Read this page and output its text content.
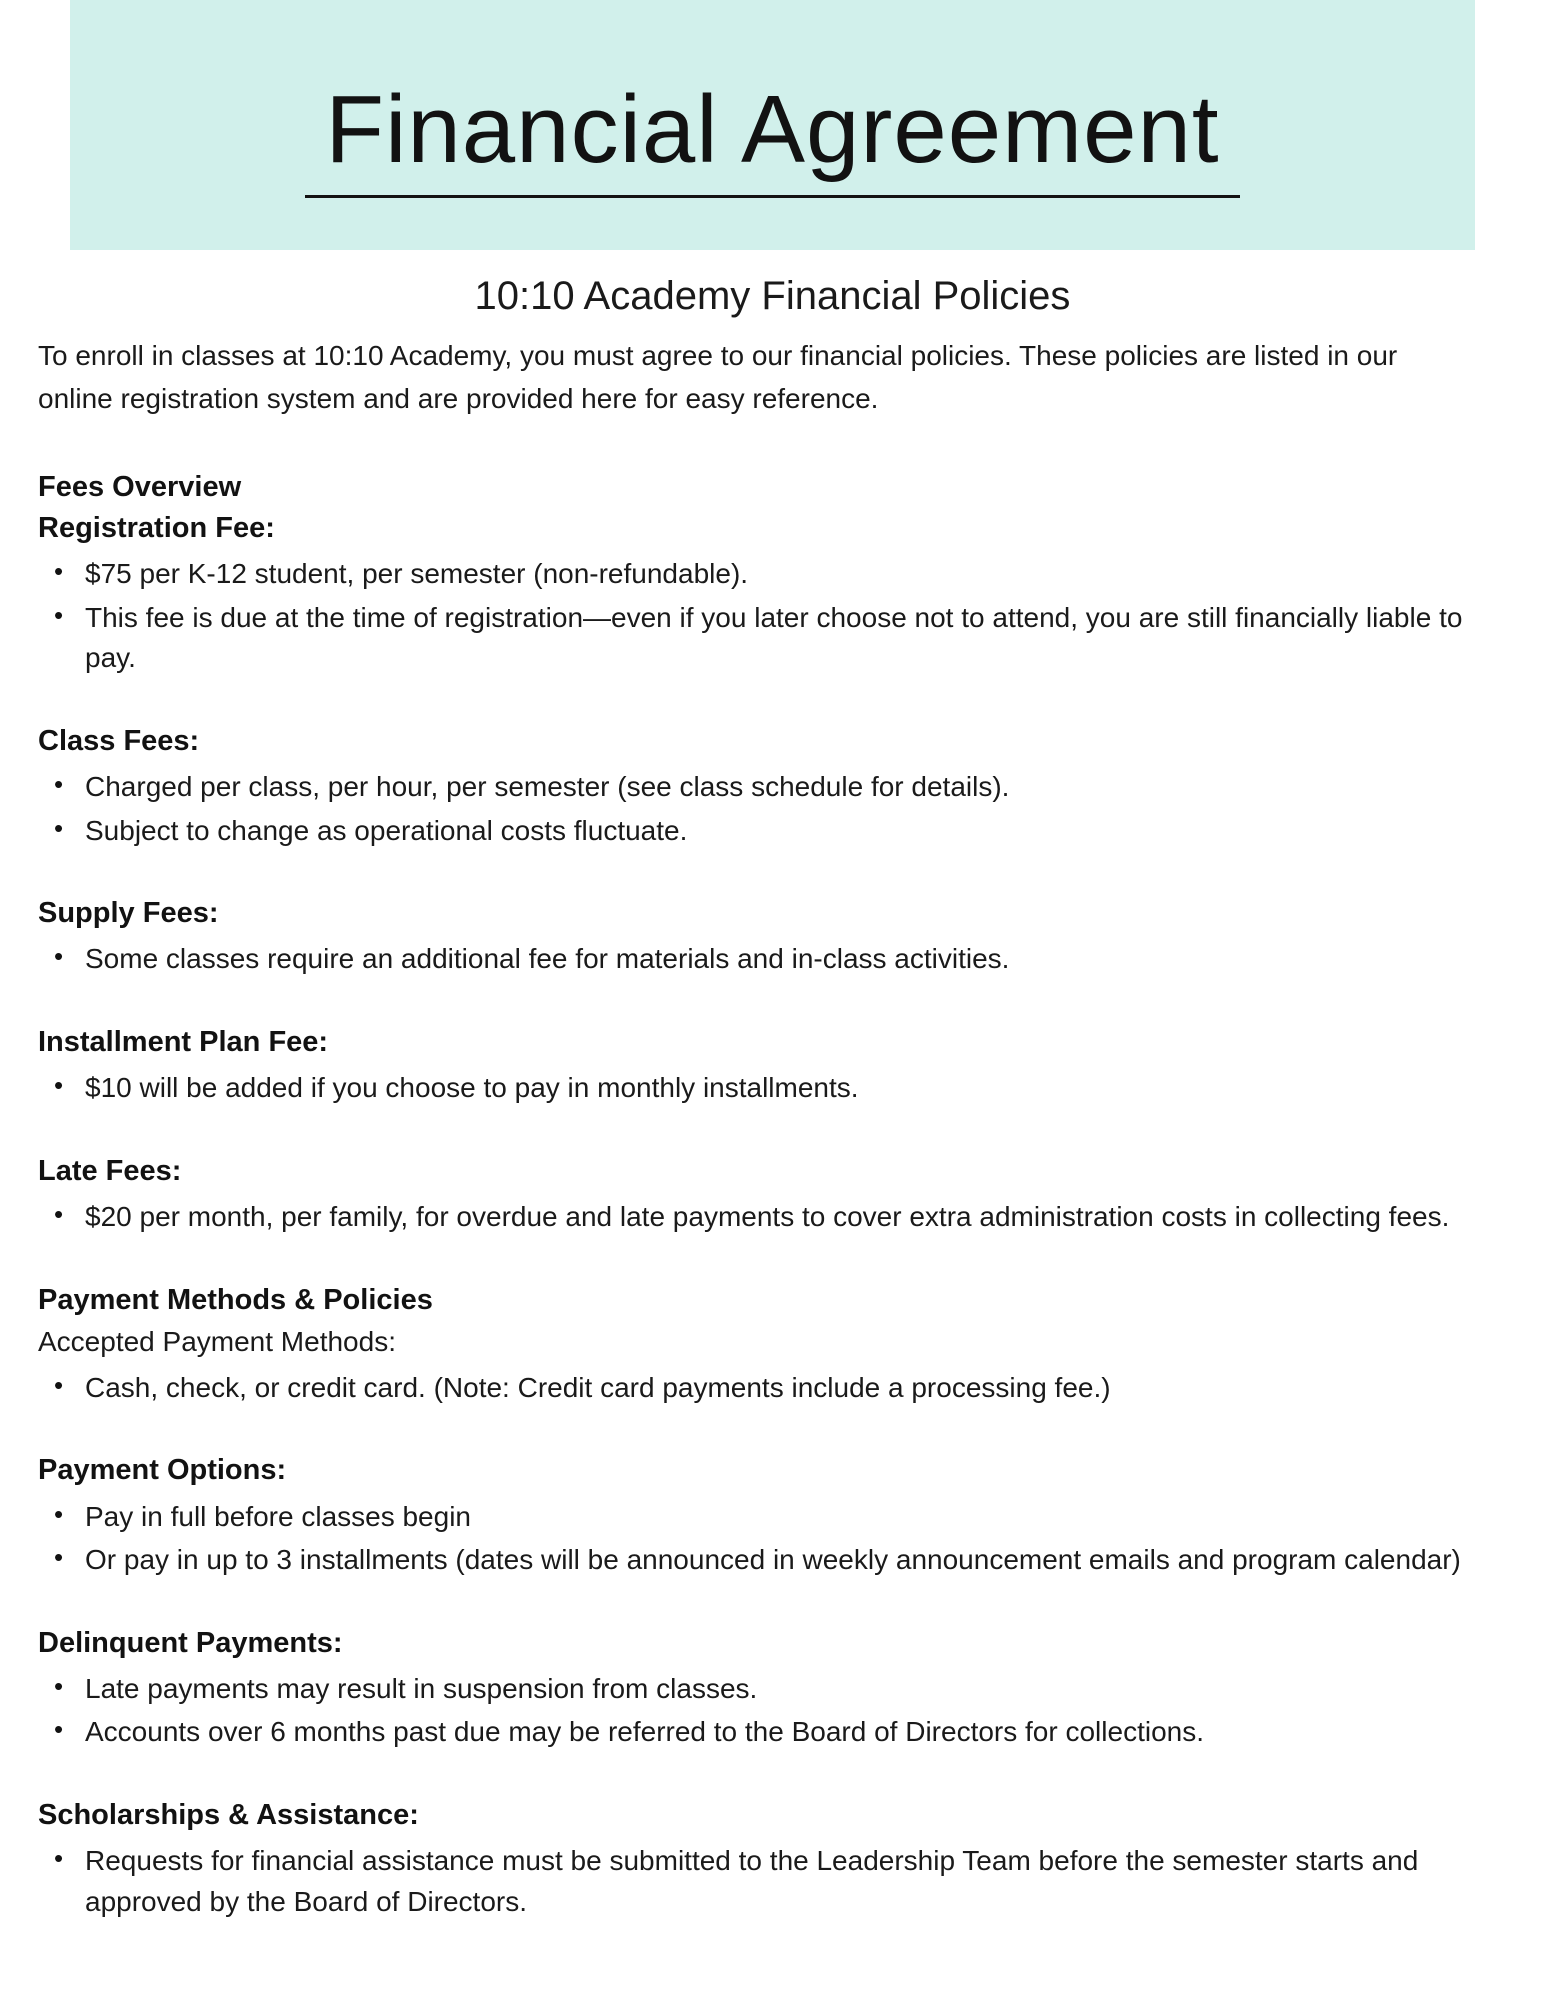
Financial Agreement
10:10 Academy Financial Policies

To enroll in classes at 10:10 Academy, you must agree to our financial policies. These policies are listed in our online registration system and are provided here for easy reference.

Fees Overview
Registration Fee:
• $75 per K-12 student, per semester (non-refundable).
• This fee is due at the time of registration—even if you later choose not to attend, you are still financially liable to pay.
Class Fees:
• Charged per class, per hour, per semester (see class schedule for details).
• Subject to change as operational costs fluctuate.
Supply Fees:
• Some classes require an additional fee for materials and in-class activities.
Installment Plan Fee:
• $10 will be added if you choose to pay in monthly installments.
Late Fees:
• $20 per month, per family, for overdue and late payments to cover extra administration costs in collecting fees.
Payment Methods & Policies

Accepted Payment Methods:

• Cash, check, or credit card. (Note: Credit card payments include a processing fee.)
Payment Options:
• Pay in full before classes begin
• Or pay in up to 3 installments (dates will be announced in weekly announcement emails and program calendar)
Delinquent Payments:
• Late payments may result in suspension from classes.
• Accounts over 6 months past due may be referred to the Board of Directors for collections.
Scholarships & Assistance:
• Requests for financial assistance must be submitted to the Leadership Team before the semester starts and approved by the Board of Directors.
